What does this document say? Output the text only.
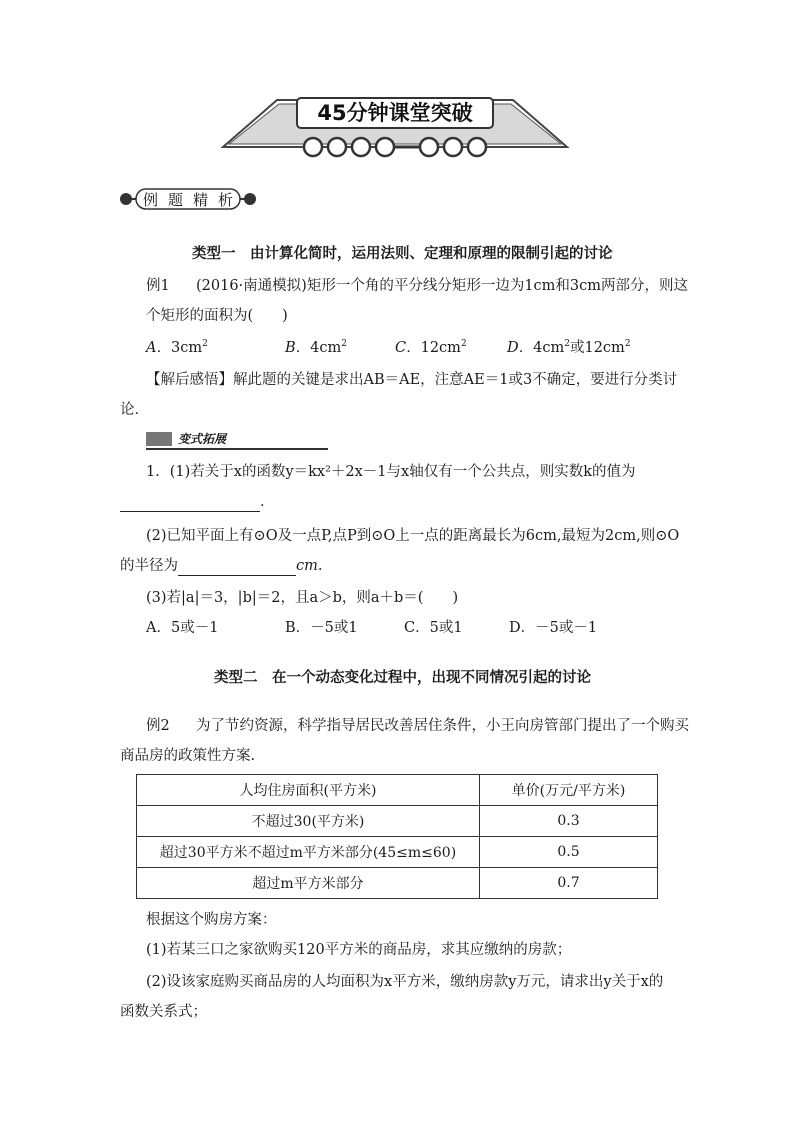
45分钟课堂突破
例 题 精 析
类型一　由计算化简时，运用法则、定理和原理的限制引起的讨论
例1 (2016·南通模拟)矩形一个角的平分线分矩形一边为1cm和3cm两部分，则这
个矩形的面积为(　　)
A．$3cm^2$	B．$4cm^2$	C．$12cm^2$	D．$4cm^2$或$12cm^2$
【解后感悟】解此题的关键是求出AB＝AE，注意AE＝1或3不确定，要进行分类讨
论．
变式拓展
1．(1)若关于x的函数y＝kx²＋2x－1与x轴仅有一个公共点，则实数k的值为
．
(2)已知平面上有⊙O及一点P,点P到⊙O上一点的距离最长为6cm,最短为2cm,则⊙O
的半径为	cm.
(3)若|a|＝3，|b|＝2，且a＞b，则a＋b＝(　　)
A．5或－1	B．－5或1	C．5或1	D．－5或－1
类型二　在一个动态变化过程中，出现不同情况引起的讨论
例2 为了节约资源，科学指导居民改善居住条件，小王向房管部门提出了一个购买
商品房的政策性方案.
人均住房面积(平方米)	单价(万元/平方米)
不超过30(平方米)	0.3
超过30平方米不超过m平方米部分(45≤m≤60)	0.5
超过m平方米部分	0.7
根据这个购房方案：
(1)若某三口之家欲购买120平方米的商品房，求其应缴纳的房款；
(2)设该家庭购买商品房的人均面积为x平方米，缴纳房款y万元，请求出y关于x的
函数关系式；
